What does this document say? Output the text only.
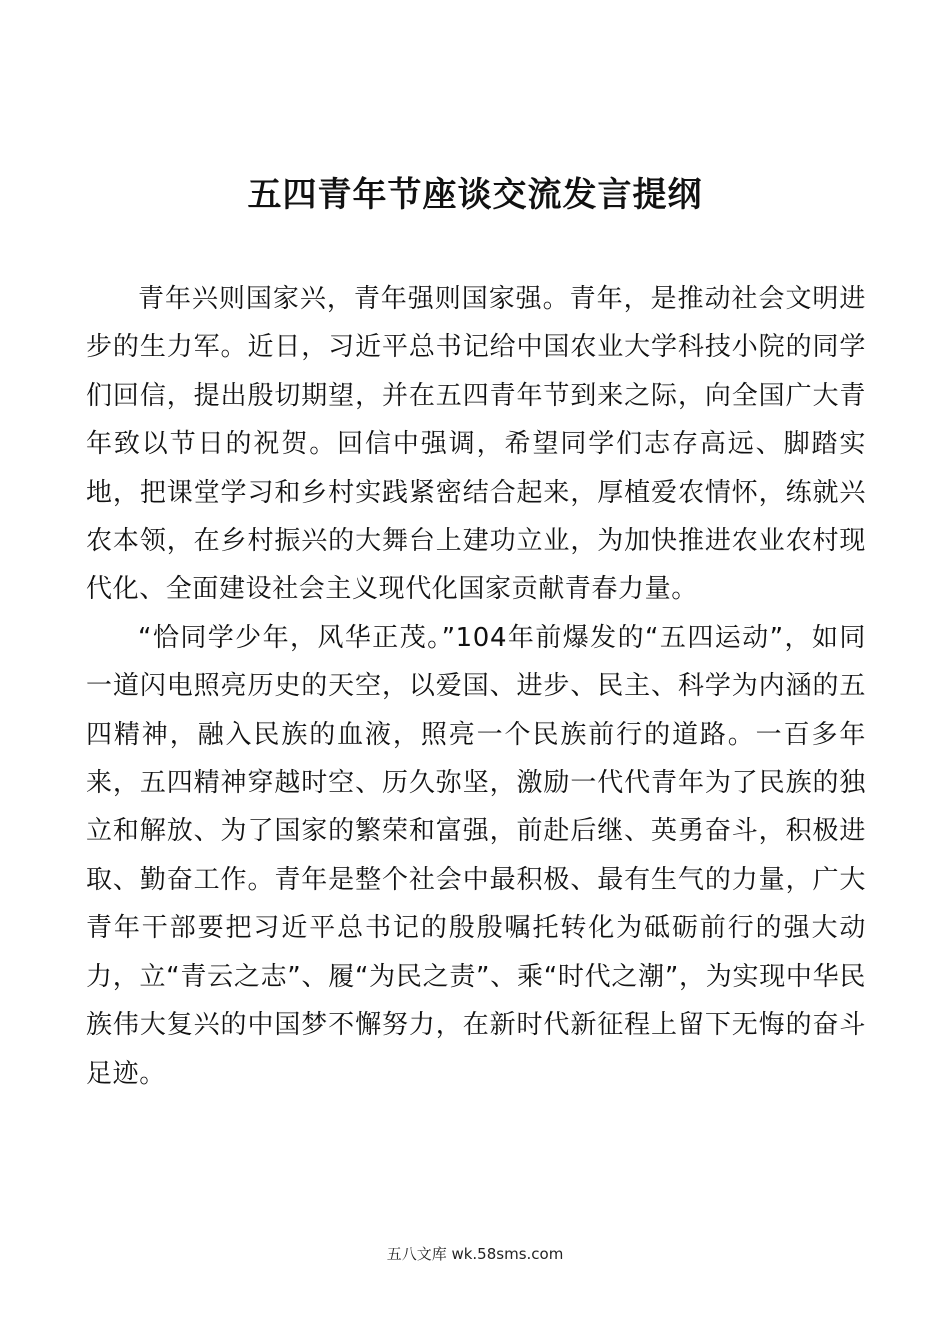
五四青年节座谈交流发言提纲

青年兴则国家兴，青年强则国家强。青年，是推动社会文明进步的生力军。近日，习近平总书记给中国农业大学科技小院的同学们回信，提出殷切期望，并在五四青年节到来之际，向全国广大青年致以节日的祝贺。回信中强调，希望同学们志存高远、脚踏实地，把课堂学习和乡村实践紧密结合起来，厚植爱农情怀，练就兴农本领，在乡村振兴的大舞台上建功立业，为加快推进农业农村现代化、全面建设社会主义现代化国家贡献青春力量。

“恰同学少年，风华正茂。”104年前爆发的“五四运动”，如同一道闪电照亮历史的天空，以爱国、进步、民主、科学为内涵的五四精神，融入民族的血液，照亮一个民族前行的道路。一百多年来，五四精神穿越时空、历久弥坚，激励一代代青年为了民族的独立和解放、为了国家的繁荣和富强，前赴后继、英勇奋斗，积极进取、勤奋工作。青年是整个社会中最积极、最有生气的力量，广大青年干部要把习近平总书记的殷殷嘱托转化为砥砺前行的强大动力，立“青云之志”、履“为民之责”、乘“时代之潮”，为实现中华民族伟大复兴的中国梦不懈努力，在新时代新征程上留下无悔的奋斗足迹。

五八文库 wk.58sms.com
